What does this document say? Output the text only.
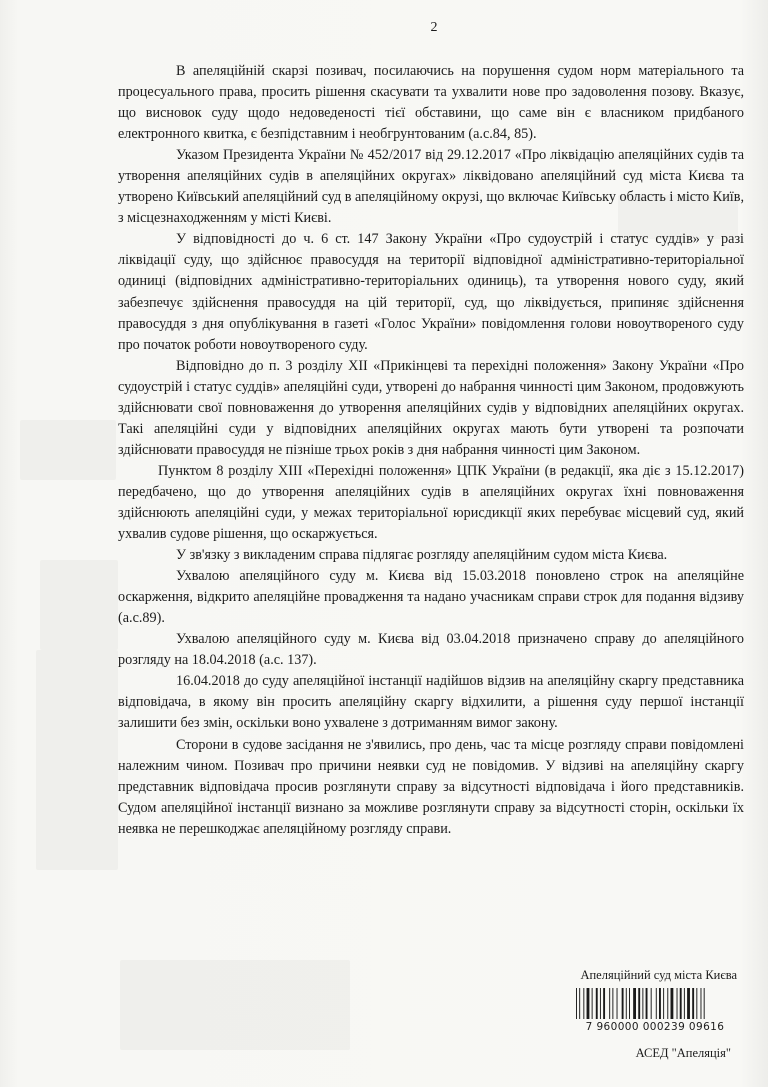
2

В апеляційній скарзі позивач, посилаючись на порушення судом норм матеріального та процесуального права, просить рішення скасувати та ухвалити нове про задоволення позову. Вказує, що висновок суду щодо недоведеності тієї обставини, що саме він є власником придбаного електронного квитка, є безпідставним і необгрунтованим (а.с.84, 85).

Указом Президента України № 452/2017 від 29.12.2017 «Про ліквідацію апеляційних судів та утворення апеляційних судів в апеляційних округах» ліквідовано апеляційний суд міста Києва та утворено Київський апеляційний суд в апеляційному окрузі, що включає Київську область і місто Київ, з місцезнаходженням у місті Києві.

У відповідності до ч. 6 ст. 147 Закону України «Про судоустрій і статус суддів» у разі ліквідації суду, що здійснює правосуддя на території відповідної адміністративно-територіальної одиниці (відповідних адміністративно-територіальних одиниць), та утворення нового суду, який забезпечує здійснення правосуддя на цій території, суд, що ліквідується, припиняє здійснення правосуддя з дня опублікування в газеті «Голос України» повідомлення голови новоутвореного суду про початок роботи новоутвореного суду.

Відповідно до п. 3 розділу XII «Прикінцеві та перехідні положення» Закону України «Про судоустрій і статус суддів» апеляційні суди, утворені до набрання чинності цим Законом, продовжують здійснювати свої повноваження до утворення апеляційних судів у відповідних апеляційних округах. Такі апеляційні суди у відповідних апеляційних округах мають бути утворені та розпочати здійснювати правосуддя не пізніше трьох років з дня набрання чинності цим Законом.

Пунктом 8 розділу XIII «Перехідні положення» ЦПК України (в редакції, яка діє з 15.12.2017) передбачено, що до утворення апеляційних судів в апеляційних округах їхні повноваження здійснюють апеляційні суди, у межах територіальної юрисдикції яких перебуває місцевий суд, який ухвалив судове рішення, що оскаржується.

У зв'язку з викладеним справа підлягає розгляду апеляційним судом міста Києва.

Ухвалою апеляційного суду м. Києва від 15.03.2018 поновлено строк на апеляційне оскарження, відкрито апеляційне провадження та надано учасникам справи строк для подання відзиву (а.с.89).

Ухвалою апеляційного суду м. Києва від 03.04.2018 призначено справу до апеляційного розгляду на 18.04.2018 (а.с. 137).

16.04.2018 до суду апеляційної інстанції надійшов відзив на апеляційну скаргу представника відповідача, в якому він просить апеляційну скаргу відхилити, а рішення суду першої інстанції залишити без змін, оскільки воно ухвалене з дотриманням вимог закону.

Сторони в судове засідання не з'явились, про день, час та місце розгляду справи повідомлені належним чином. Позивач про причини неявки суд не повідомив. У відзиві на апеляційну скаргу представник відповідача просив розглянути справу за відсутності відповідача і його представників. Судом апеляційної інстанції визнано за можливе розглянути справу за відсутності сторін, оскільки їх неявка не перешкоджає апеляційному розгляду справи.

Апеляційний суд міста Києва
7 960000 000239 09616
АСЕД "Апеляція"
